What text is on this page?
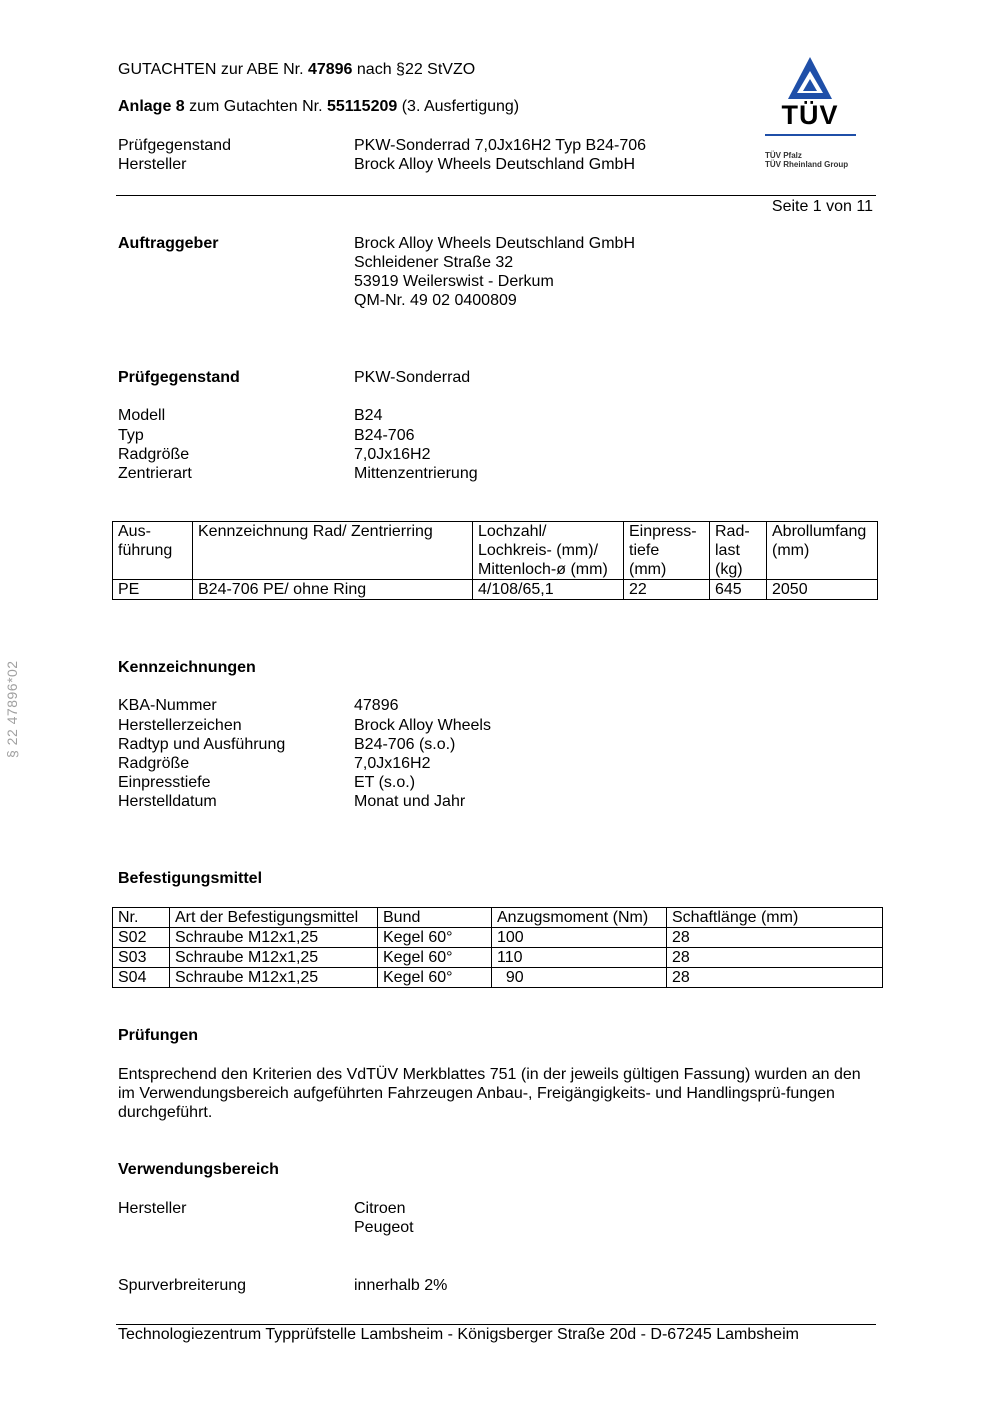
GUTACHTEN zur ABE Nr. 47896 nach §22 StVZO
Anlage 8 zum Gutachten Nr. 55115209 (3. Ausfertigung)
Prüfgegenstand	PKW-Sonderrad 7,0Jx16H2 Typ B24-706
Hersteller	Brock Alloy Wheels Deutschland GmbH
TÜV
TÜV Pfalz
TÜV Rheinland Group
Seite 1 von 11
§ 22 47896*02
Auftraggeber	Brock Alloy Wheels Deutschland GmbH
Schleidener Straße 32
53919 Weilerswist - Derkum
QM-Nr. 49 02 0400809
Prüfgegenstand	PKW-Sonderrad
Modell	B24
Typ	B24-706
Radgröße	7,0Jx16H2
Zentrierart	Mittenzentrierung
Aus-
führung	Kennzeichnung Rad/ Zentrierring	Lochzahl/
Lochkreis- (mm)/
Mittenloch-ø (mm)	Einpress-
tiefe
(mm)	Rad-
last
(kg)	Abrollumfang
(mm)
PE	B24-706 PE/ ohne Ring	4/108/65,1	22	645	2050
Kennzeichnungen
KBA-Nummer	47896
Herstellerzeichen	Brock Alloy Wheels
Radtyp und Ausführung	B24-706 (s.o.)
Radgröße	7,0Jx16H2
Einpresstiefe	ET (s.o.)
Herstelldatum	Monat und Jahr
Befestigungsmittel
Nr.	Art der Befestigungsmittel	Bund	Anzugsmoment (Nm)	Schaftlänge (mm)
S02	Schraube M12x1,25	Kegel 60°	100	28
S03	Schraube M12x1,25	Kegel 60°	110	28
S04	Schraube M12x1,25	Kegel 60°	90	28
Prüfungen
Entsprechend den Kriterien des VdTÜV Merkblattes 751 (in der jeweils gültigen Fassung) wurden an den im Verwendungsbereich aufgeführten Fahrzeugen Anbau-, Freigängigkeits- und Handlingsprü-fungen durchgeführt.
Verwendungsbereich
Hersteller	Citroen
Peugeot
Spurverbreiterung	innerhalb 2%
Technologiezentrum Typprüfstelle Lambsheim - Königsberger Straße 20d - D-67245 Lambsheim
